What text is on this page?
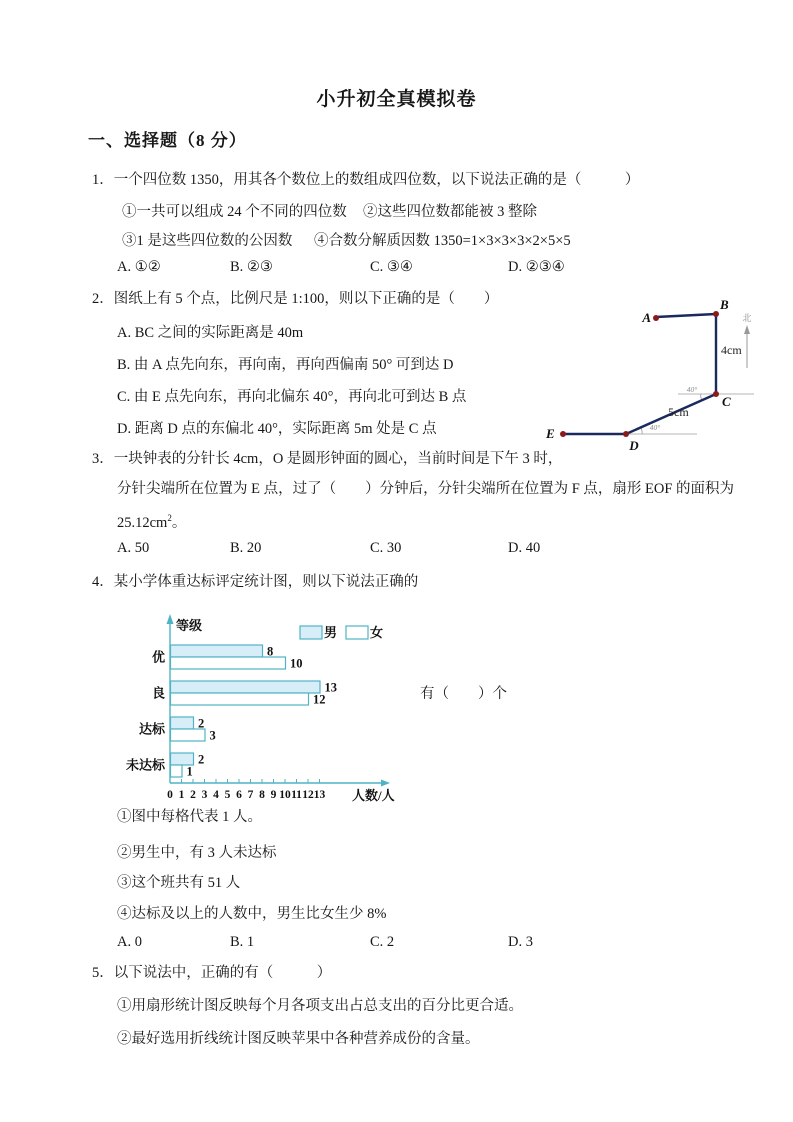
小升初全真模拟卷
一、选择题（8 分）
1．一个四位数 1350，用其各个数位上的数组成四位数，以下说法正确的是（　　　）
①一共可以组成 24 个不同的四位数 ②这些四位数都能被 3 整除
③1 是这些四位数的公因数 ④合数分解质因数 1350=1×3×3×3×2×5×5
A. ①②	B. ②③	C. ③④	D. ②③④
2．图纸上有 5 个点，比例尺是 1:100，则以下正确的是（　　）
A. BC 之间的实际距离是 40m
B. 由 A 点先向东，再向南，再向西偏南 50° 可到达 D
C. 由 E 点先向东，再向北偏东 40°，再向北可到达 B 点
D. 距离 D 点的东偏北 40°，实际距离 5m 处是 C 点
北
A
B
C
D
E
4cm
5cm
40°
40°
3．一块钟表的分针长 4cm，O 是圆形钟面的圆心，当前时间是下午 3 时，
分针尖端所在位置为 E 点，过了（　　）分钟后，分针尖端所在位置为 F 点，扇形 EOF 的面积为
$25.12cm^2$。
A. 50	B. 20	C. 30	D. 40
4．某小学体重达标评定统计图，则以下说法正确的
0 1 2 3 4 5 6 7 8 9 10 11 12 13
等级
人数/人
8
10
优
13
12
良
2
3
达标
2
1
未达标
男	女
有（　　）个
①图中每格代表 1 人。
②男生中，有 3 人未达标
③这个班共有 51 人
④达标及以上的人数中，男生比女生少 8%
A. 0	B. 1	C. 2	D. 3
5．以下说法中，正确的有（　　　）
①用扇形统计图反映每个月各项支出占总支出的百分比更合适。
②最好选用折线统计图反映苹果中各种营养成份的含量。
